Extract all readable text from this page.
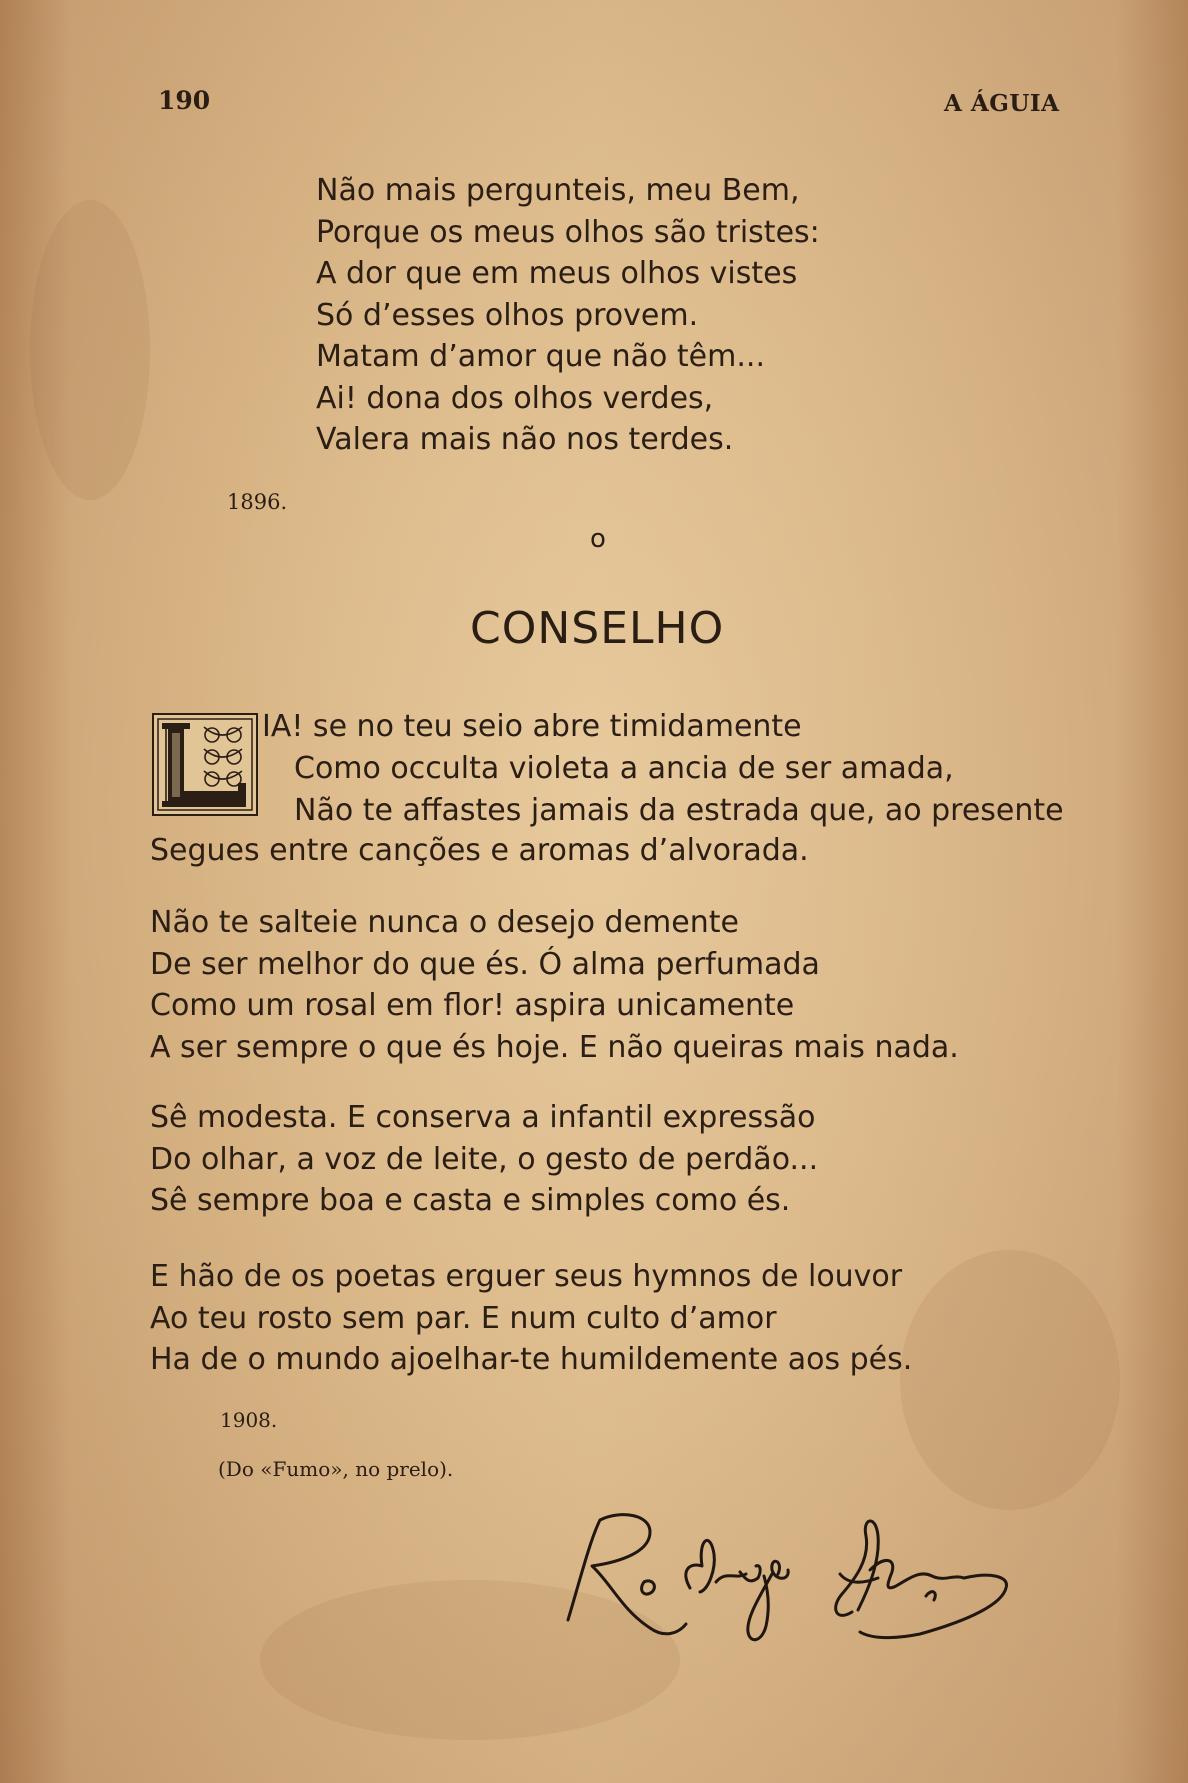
190	A ÁGUIA
Não mais pergunteis, meu Bem,
Porque os meus olhos são tristes:
A dor que em meus olhos vistes
Só d’esses olhos provem.
Matam d’amor que não têm...
Ai! dona dos olhos verdes,
Valera mais não nos terdes.
1896.
o
CONSELHO
IA! se no teu seio abre timidamente
Como occulta violeta a ancia de ser amada,
Não te affastes jamais da estrada que, ao presente
Segues entre canções e aromas d’alvorada.
Não te salteie nunca o desejo demente
De ser melhor do que és. Ó alma perfumada
Como um rosal em flor! aspira unicamente
A ser sempre o que és hoje. E não queiras mais nada.
Sê modesta. E conserva a infantil expressão
Do olhar, a voz de leite, o gesto de perdão...
Sê sempre boa e casta e simples como és.
E hão de os poetas erguer seus hymnos de louvor
Ao teu rosto sem par. E num culto d’amor
Ha de o mundo ajoelhar-te humildemente aos pés.
1908.
(Do «Fumo», no prelo).
